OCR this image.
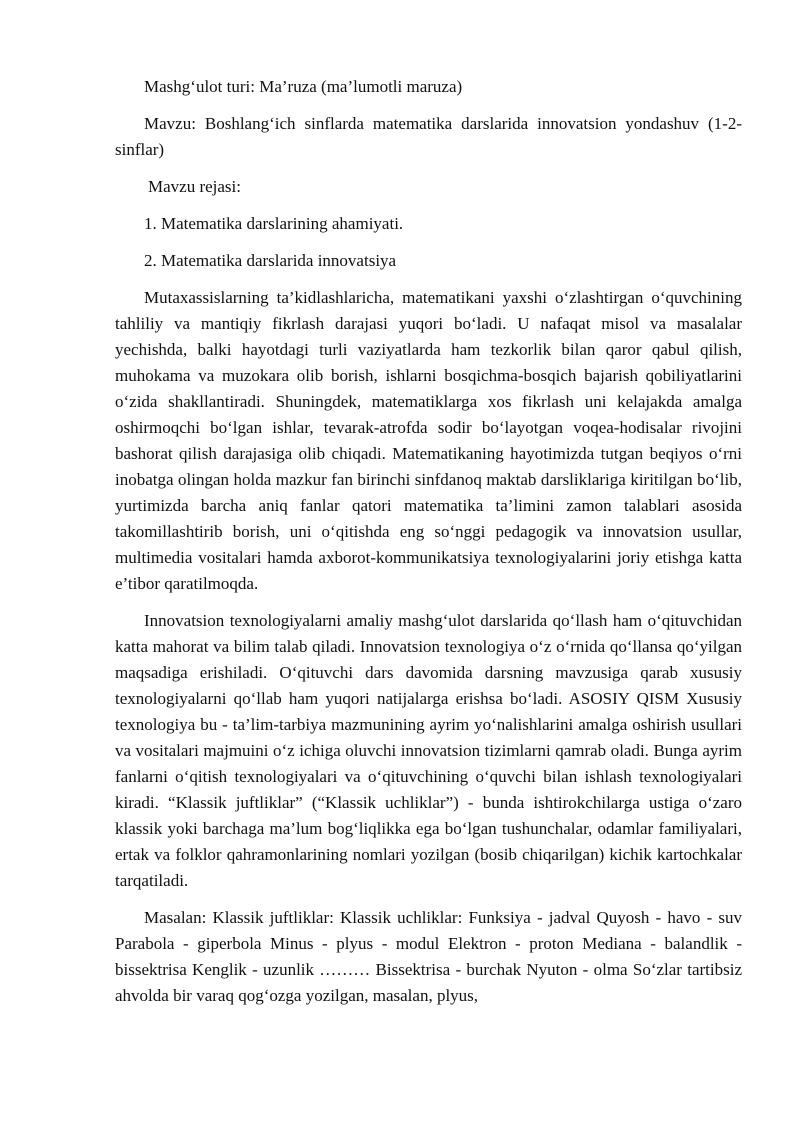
Mashg‘ulot turi: Ma’ruza (ma’lumotli maruza)

Mavzu: Boshlang‘ich sinflarda matematika darslarida innovatsion yondashuv (1-2-sinflar)

Mavzu rejasi:

1. Matematika darslarining ahamiyati.

2. Matematika darslarida innovatsiya

Mutaxassislarning ta’kidlashlaricha, matematikani yaxshi o‘zlashtirgan o‘quvchining tahliliy va mantiqiy fikrlash darajasi yuqori bo‘ladi. U nafaqat misol va masalalar yechishda, balki hayotdagi turli vaziyatlarda ham tezkorlik bilan qaror qabul qilish, muhokama va muzokara olib borish, ishlarni bosqichma-bosqich bajarish qobiliyatlarini o‘zida shakllantiradi. Shuningdek, matematiklarga xos fikrlash uni kelajakda amalga oshirmoqchi bo‘lgan ishlar, tevarak-atrofda sodir bo‘layotgan voqea-hodisalar rivojini bashorat qilish darajasiga olib chiqadi. Matematikaning hayotimizda tutgan beqiyos o‘rni inobatga olingan holda mazkur fan birinchi sinfdanoq maktab darsliklariga kiritilgan bo‘lib, yurtimizda barcha aniq fanlar qatori matematika ta’limini zamon talablari asosida takomillashtirib borish, uni o‘qitishda eng so‘nggi pedagogik va innovatsion usullar, multimedia vositalari hamda axborot-kommunikatsiya texnologiyalarini joriy etishga katta e’tibor qaratilmoqda.

Innovatsion texnologiyalarni amaliy mashg‘ulot darslarida qo‘llash ham o‘qituvchidan katta mahorat va bilim talab qiladi. Innovatsion texnologiya o‘z o‘rnida qo‘llansa qo‘yilgan maqsadiga erishiladi. O‘qituvchi dars davomida darsning mavzusiga qarab xususiy texnologiyalarni qo‘llab ham yuqori natijalarga erishsa bo‘ladi. ASOSIY QISM Xususiy texnologiya bu - ta’lim-tarbiya mazmunining ayrim yo‘nalishlarini amalga oshirish usullari va vositalari majmuini o‘z ichiga oluvchi innovatsion tizimlarni qamrab oladi. Bunga ayrim fanlarni o‘qitish texnologiyalari va o‘qituvchining o‘quvchi bilan ishlash texnologiyalari kiradi. “Klassik juftliklar” (“Klassik uchliklar”) - bunda ishtirokchilarga ustiga o‘zaro klassik yoki barchaga ma’lum bog‘liqlikka ega bo‘lgan tushunchalar, odamlar familiyalari, ertak va folklor qahramonlarining nomlari yozilgan (bosib chiqarilgan) kichik kartochkalar tarqatiladi.

Masalan: Klassik juftliklar: Klassik uchliklar: Funksiya - jadval Quyosh - havo - suv Parabola - giperbola Minus - plyus - modul Elektron - proton Mediana - balandlik - bissektrisa Kenglik - uzunlik ……… Bissektrisa - burchak Nyuton - olma So‘zlar tartibsiz ahvolda bir varaq qog‘ozga yozilgan, masalan, plyus,
